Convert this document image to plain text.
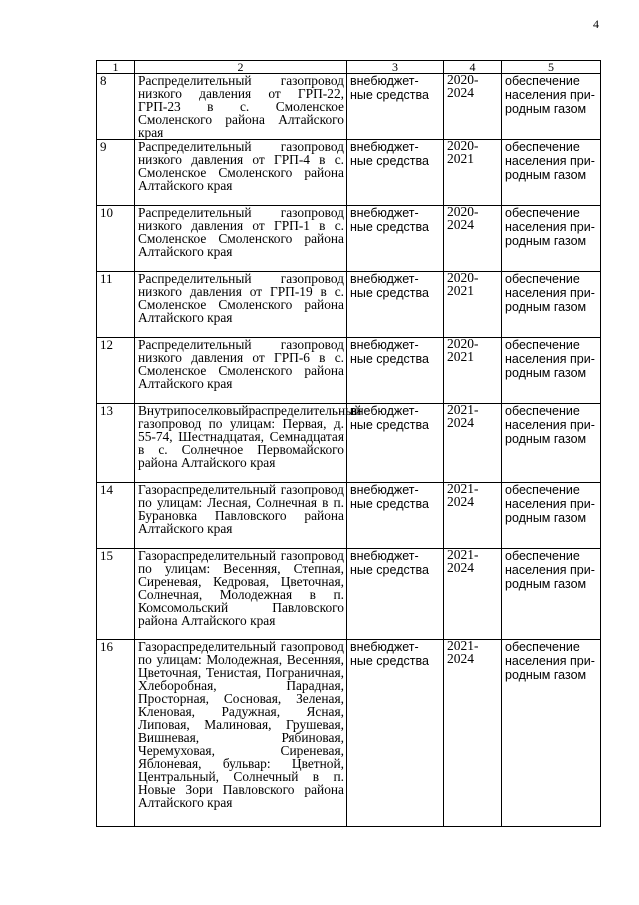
4
1	2	3	4	5
8	Распределительный газопровод низкого давления от ГРП-22, ГРП-23 в с. Смоленское Смоленского района Алтайского края	внебюджет-ные средства	2020-2024	обеспечение населения при-родным газом
9	Распределительный газопровод низкого давления от ГРП-4 в с. Смоленское Смоленского района Алтайского края	внебюджет-ные средства	2020-2021	обеспечение населения при-родным газом
10	Распределительный газопровод низкого давления от ГРП-1 в с. Смоленское Смоленского района Алтайского края	внебюджет-ные средства	2020-2024	обеспечение населения при-родным газом
11	Распределительный газопровод низкого давления от ГРП-19 в с. Смоленское Смоленского района Алтайского края	внебюджет-ные средства	2020-2021	обеспечение населения при-родным газом
12	Распределительный газопровод низкого давления от ГРП-6 в с. Смоленское Смоленского района Алтайского края	внебюджет-ные средства	2020-2021	обеспечение населения при-родным газом
13	Внутрипоселковыйраспределительный газопровод по улицам: Первая, д. 55-74, Шестнадцатая, Семнадцатая в с. Солнечное Первомайского района Алтайского края	внебюджет-ные средства	2021-2024	обеспечение населения при-родным газом
14	Газораспределительный газопровод по улицам: Лесная, Солнечная в п. Бурановка Павловского района Алтайского края	внебюджет-ные средства	2021-2024	обеспечение населения при-родным газом
15	Газораспределительный газопровод по улицам: Весенняя, Степная, Сиреневая, Кедровая, Цветочная, Солнечная, Молодежная в п. Комсомольский Павловского района Алтайского края	внебюджет-ные средства	2021-2024	обеспечение населения при-родным газом
16	Газораспределительный газопровод по улицам: Молодежная, Весенняя, Цветочная, Тенистая, Пограничная, Хлеборобная, Парадная, Просторная, Сосновая, Зеленая, Кленовая, Радужная, Ясная, Липовая, Малиновая, Грушевая, Вишневая, Рябиновая, Черемуховая, Сиреневая, Яблоневая, бульвар: Цветной, Центральный, Солнечный в п. Новые Зори Павловского района Алтайского края	внебюджет-ные средства	2021-2024	обеспечение населения при-родным газом
